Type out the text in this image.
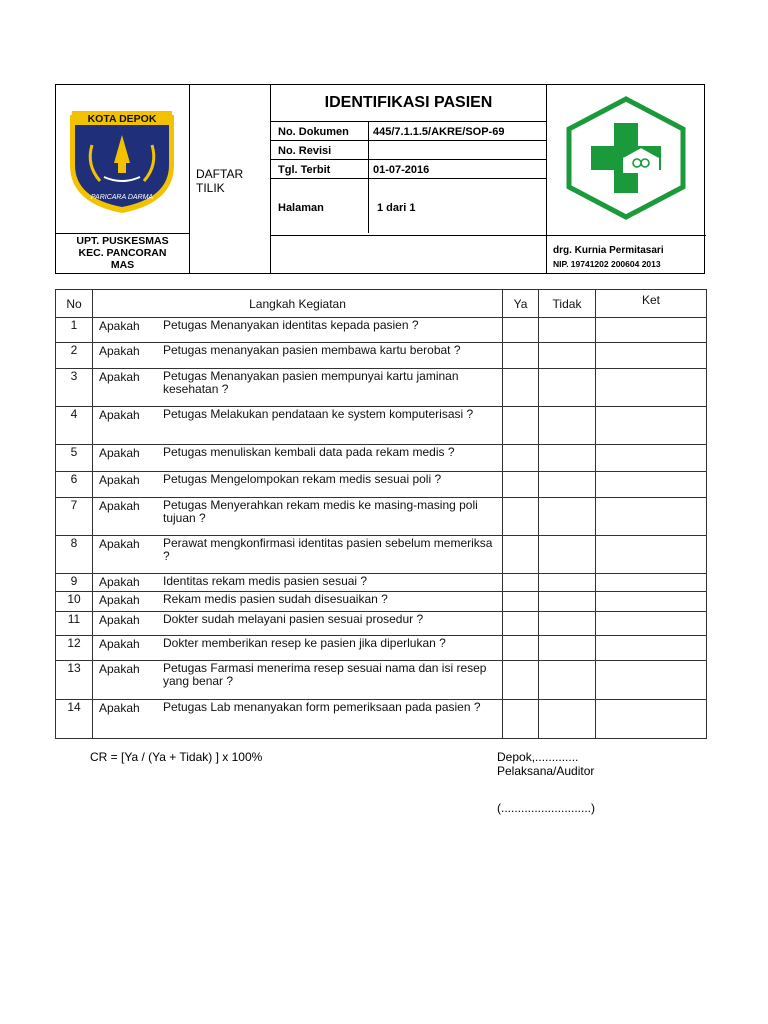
KOTA DEPOK
PARICARA DARMA
UPT. PUSKESMAS
KEC. PANCORAN
MAS
DAFTAR
TILIK
IDENTIFIKASI PASIEN
No. Dokumen 445/7.1.1.5/AKRE/SOP-69
No. Revisi
Tgl. Terbit	01-07-2016
Halaman	1 dari 1
drg. Kurnia Permitasari
NIP. 19741202 200604 2013
No	Langkah Kegiatan	Ya	Tidak	Ket
1	Apakah Petugas Menanyakan identitas kepada pasien ?			

2	Apakah Petugas menanyakan pasien membawa kartu berobat ?			

3	Apakah Petugas Menanyakan pasien mempunyai kartu jaminan kesehatan ?			

4	Apakah Petugas Melakukan pendataan ke system komputerisasi ?			

5	Apakah Petugas menuliskan kembali data pada rekam medis ?			

6	Apakah Petugas Mengelompokan rekam medis sesuai poli ?			

7	Apakah Petugas Menyerahkan rekam medis ke masing-masing poli tujuan ?			

8	Apakah Perawat mengkonfirmasi identitas pasien sebelum memeriksa ?			

9	Apakah Identitas rekam medis pasien sesuai ?			

10	Apakah Rekam medis pasien sudah disesuaikan ?			

11	Apakah Dokter sudah melayani pasien sesuai prosedur ?			

12	Apakah Dokter memberikan resep ke pasien jika diperlukan ?			

13	Apakah Petugas Farmasi menerima resep sesuai nama dan isi resep yang benar ?			

14	Apakah Petugas Lab menanyakan form pemeriksaan pada pasien ?			

CR = [Ya / (Ya + Tidak) ] x 100%	Depok,.............
Pelaksana/Auditor
(...........................)
